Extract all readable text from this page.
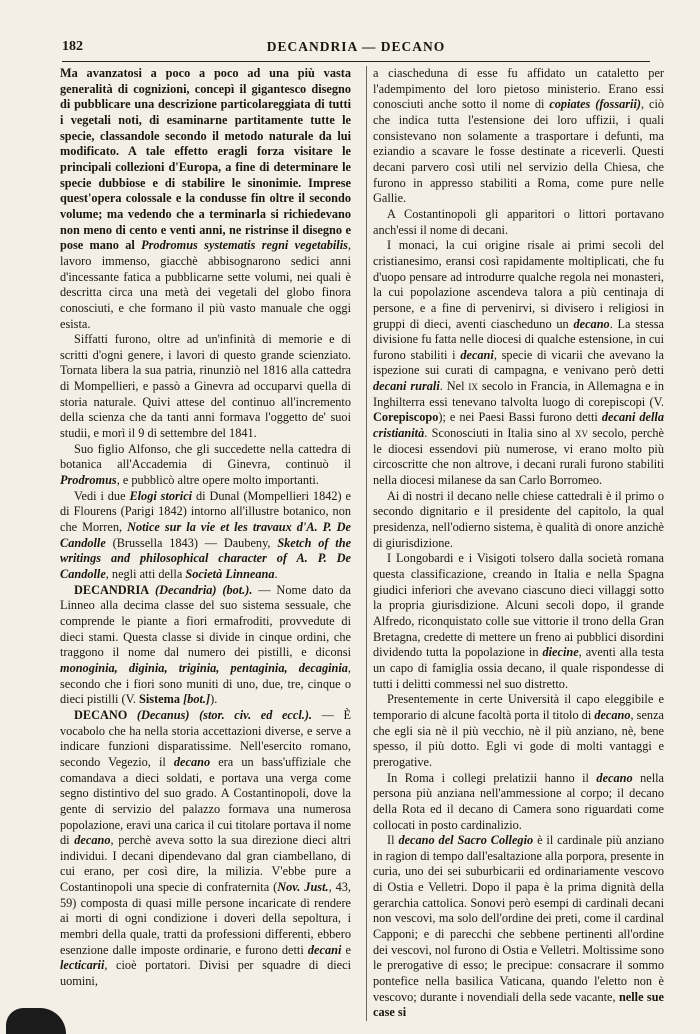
182	DECANDRIA — DECANO

Ma avanzatosi a poco a poco ad una più vasta generalità di cognizioni, concepì il gigantesco disegno di pubblicare una descrizione particolareggiata di tutti i vegetali noti, di esaminarne partitamente tutte le specie, classandole secondo il metodo naturale da lui modificato. A tale effetto eragli forza visitare le principali collezioni d'Europa, a fine di determinare le specie dubbiose e di stabilire le sinonimie. Imprese quest'opera colossale e la condusse fin oltre il secondo volume; ma vedendo che a terminarla si richiedevano non meno di cento e venti anni, ne ristrinse il disegno e pose mano al Prodromus systematis regni vegetabilis, lavoro immenso, giacchè abbisognarono sedici anni d'incessante fatica a pubblicarne sette volumi, nei quali è descritta circa una metà dei vegetali del globo finora conosciuti, e che formano il più vasto manuale che oggi esista.

Siffatti furono, oltre ad un'infinità di memorie e di scritti d'ogni genere, i lavori di questo grande scienziato. Tornata libera la sua patria, rinunziò nel 1816 alla cattedra di Mompellieri, e passò a Ginevra ad occuparvi quella di storia naturale. Quivi attese del continuo all'incremento della scienza che da tanti anni formava l'oggetto de' suoi studii, e morì il 9 di settembre del 1841.

Suo figlio Alfonso, che gli succedette nella cattedra di botanica all'Accademia di Ginevra, continuò il Prodromus, e pubblicò altre opere molto importanti.

Vedi i due Elogi storici di Dunal (Mompellieri 1842) e di Flourens (Parigi 1842) intorno all'illustre botanico, non che Morren, Notice sur la vie et les travaux d'A. P. De Candolle (Brussella 1843) — Daubeny, Sketch of the writings and philosophical character of A. P. De Candolle, negli atti della Società Linneana.

DECANDRIA (Decandria) (bot.). — Nome dato da Linneo alla decima classe del suo sistema sessuale, che comprende le piante a fiori ermafroditi, provvedute di dieci stami. Questa classe si divide in cinque ordini, che traggono il nome dal numero dei pistilli, e diconsi monoginia, diginia, triginia, pentaginia, decaginia, secondo che i fiori sono muniti di uno, due, tre, cinque o dieci pistilli (V. Sistema [bot.]).

DECANO (Decanus) (stor. civ. ed eccl.). — È vocabolo che ha nella storia accettazioni diverse, e serve a indicare funzioni disparatissime. Nell'esercito romano, secondo Vegezio, il decano era un bass'uffiziale che comandava a dieci soldati, e portava una verga come segno distintivo del suo grado. A Costantinopoli, dove la gente di servizio del palazzo formava una numerosa popolazione, eravi una carica il cui titolare portava il nome di decano, perchè aveva sotto la sua direzione dieci altri individui. I decani dipendevano dal gran ciambellano, di cui erano, per così dire, la milizia. V'ebbe pure a Costantinopoli una specie di confraternita (Nov. Just., 43, 59) composta di quasi mille persone incaricate di rendere ai morti di ogni condizione i doveri della sepoltura, i membri della quale, tratti da professioni differenti, ebbero esenzione dalle imposte ordinarie, e furono detti decani e lecticarii, cioè portatori. Divisi per squadre di dieci uomini,

a ciascheduna di esse fu affidato un cataletto per l'adempimento del loro pietoso ministerio. Erano essi conosciuti anche sotto il nome di copiates (fossarii), ciò che indica tutta l'estensione dei loro uffizii, i quali consistevano non solamente a trasportare i defunti, ma eziandio a scavare le fosse destinate a riceverli. Questi decani parvero così utili nel servizio della Chiesa, che furono in appresso stabiliti a Roma, come pure nelle Gallie.

A Costantinopoli gli apparitori o littori portavano anch'essi il nome di decani.

I monaci, la cui origine risale ai primi secoli del cristianesimo, eransi così rapidamente moltiplicati, che fu d'uopo pensare ad introdurre qualche regola nei monasteri, la cui popolazione ascendeva talora a più centinaja di persone, e a fine di pervenirvi, si divisero i religiosi in gruppi di dieci, aventi ciascheduno un decano. La stessa divisione fu fatta nelle diocesi di qualche estensione, in cui furono stabiliti i decani, specie di vicarii che avevano la ispezione sui curati di campagna, e venivano però detti decani rurali. Nel ix secolo in Francia, in Allemagna e in Inghilterra essi tenevano talvolta luogo di corepiscopi (V. Corepiscopo); e nei Paesi Bassi furono detti decani della cristianità. Sconosciuti in Italia sino al xv secolo, perchè le diocesi essendovi più numerose, vi erano molto più circoscritte che non altrove, i decani rurali furono stabiliti nella diocesi milanese da san Carlo Borromeo.

Ai dì nostri il decano nelle chiese cattedrali è il primo o secondo dignitario e il presidente del capitolo, la qual presidenza, nell'odierno sistema, è qualità di onore anzichè di giurisdizione.

I Longobardi e i Visigoti tolsero dalla società romana questa classificazione, creando in Italia e nella Spagna giudici inferiori che avevano ciascuno dieci villaggi sotto la propria giurisdizione. Alcuni secoli dopo, il grande Alfredo, riconquistato colle sue vittorie il trono della Gran Bretagna, credette di mettere un freno ai pubblici disordini dividendo tutta la popolazione in diecine, aventi alla testa un capo di famiglia ossia decano, il quale rispondesse di tutti i delitti commessi nel suo distretto.

Presentemente in certe Università il capo eleggibile e temporario di alcune facoltà porta il titolo di decano, senza che egli sia nè il più vecchio, nè il più anziano, nè, bene spesso, il più dotto. Egli vi gode di molti vantaggi e prerogative.

In Roma i collegi prelatizii hanno il decano nella persona più anziana nell'ammessione al corpo; il decano della Rota ed il decano di Camera sono riguardati come collocati in posto cardinalizio.

Il decano del Sacro Collegio è il cardinale più anziano in ragion di tempo dall'esaltazione alla porpora, presente in curia, uno dei sei suburbicarii ed ordinariamente vescovo di Ostia e Velletri. Dopo il papa è la prima dignità della gerarchia cattolica. Sonovi però esempi di cardinali decani non vescovi, ma solo dell'ordine dei preti, come il cardinal Capponi; e di parecchi che sebbene pertinenti all'ordine dei vescovi, nol furono di Ostia e Velletri. Moltissime sono le prerogative di esso; le precipue: consacrare il sommo pontefice nella basilica Vaticana, quando l'eletto non è vescovo; durante i novendiali della sede vacante, nelle sue case si
